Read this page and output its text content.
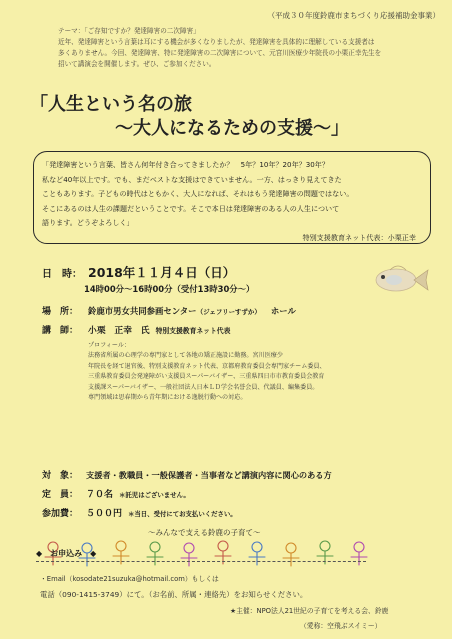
（平成３０年度鈴鹿市まちづくり応援補助金事業）
テーマ：「ご存知ですか？発達障害の二次障害」
近年、発達障害という言葉は耳にする機会が多くなりましたが、発達障害を具体的に理解している支援者は
多くありません。今回、発達障害、特に発達障害の二次障害について、元宮川医療少年院長の小栗正幸先生を
招いて講演会を開催します。ぜひ、ご参加ください。
「人生という名の旅
～大人になるための支援～」
「発達障害という言葉、皆さん何年付き合ってきましたか？　5年？10年？20年？30年？
私など40年以上です。でも、まだベストな支援はできていません。一方、はっきり見えてきた
こともあります。子どもの時代はともかく、大人になれば、それはもう発達障害の問題ではない。
そこにあるのは人生の課題だということです。そこで本日は発達障害のある人の人生について
語ります。どうぞよろしく」
特別支援教育ネット代表：小栗正幸
日　時： 2018年１１月４日（日）
14時00分～16時00分（受付13時30分～）
場　所： 鈴鹿市男女共同参画センター（ジェフリーすずか） ホール
講　師： 小栗　正幸　氏 特別支援教育ネット代表
プロフィール：
法務省所属の心理学の専門家として各地の矯正施設に勤務。宮川医療少
年院長を経て退官後、特別支援教育ネット代表、京都府教育委員会専門家チーム委員、
三重県教育委員会発達障がい支援員スーパーバイザー、三重県四日市市教育委員会教育
支援課スーパーバイザー、一般社団法人日本ＬＤ学会名誉会員、代議員、編集委員。
専門領域は思春期から青年期における逸脱行動への対応。
対　象： 支援者・教職員・一般保護者・当事者など講演内容に関心のある方
定　員： ７０名 ＊託児はございません。
参加費： ５００円 ＊当日、受付にてお支払いください。
～みんなで支える鈴鹿の子育て～
◆　お申込み　◆
・Email（kosodate21suzuka@hotmail.com）もしくは
電話（090-1415-3749）にて。（お名前、所属・連絡先）をお知らせください。
★主催：NPO法人21世紀の子育てを考える会、鈴鹿
（愛称：空飛ぶスイミー）
